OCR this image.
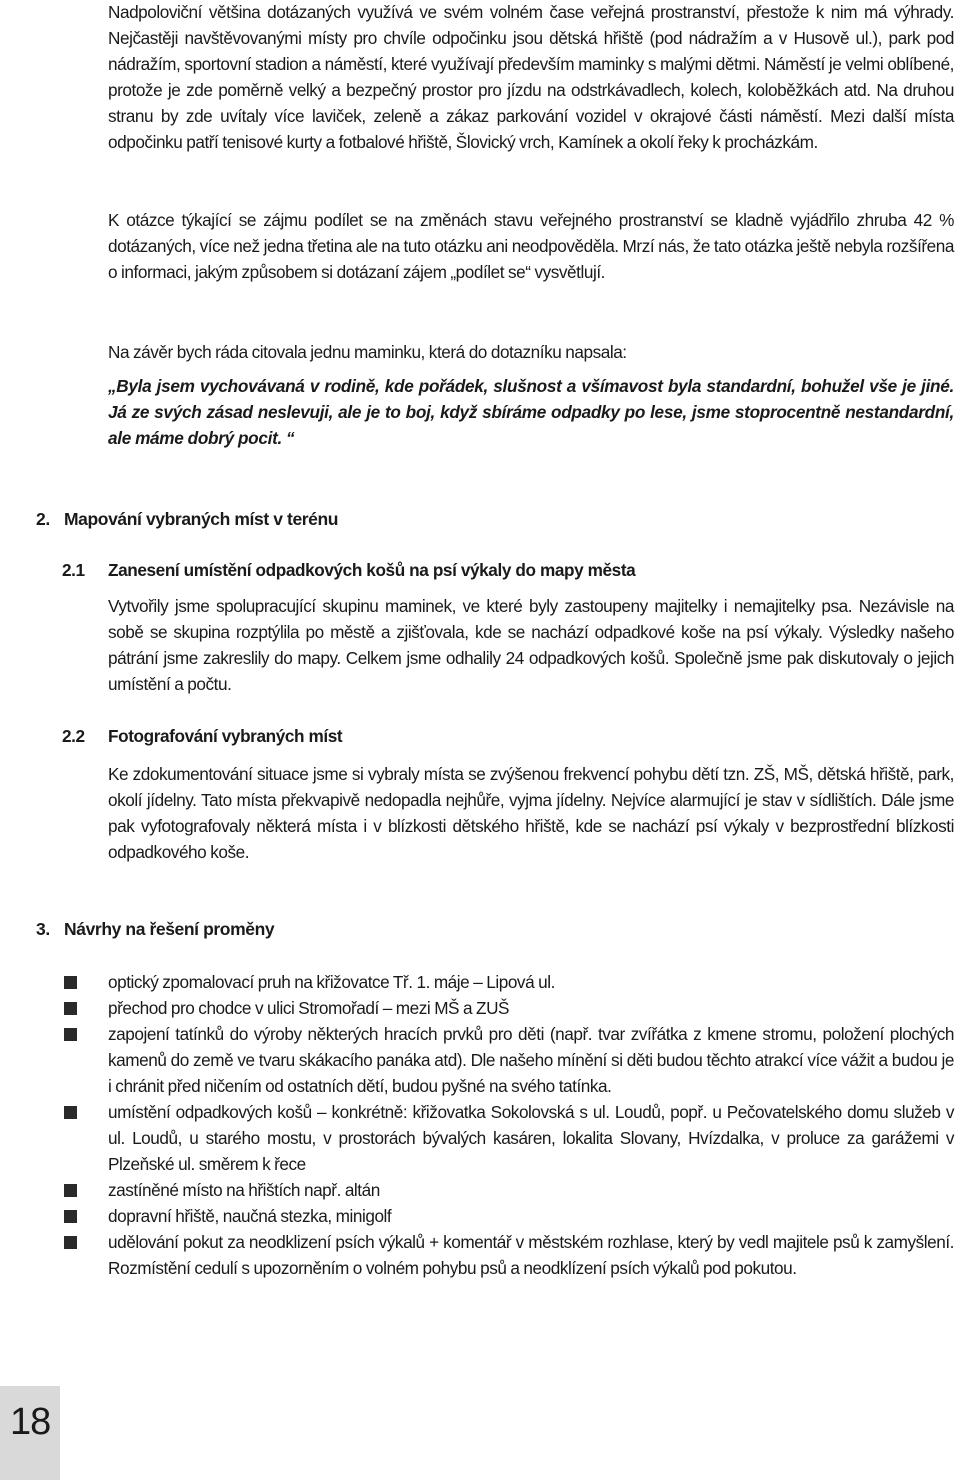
Nadpoloviční většina dotázaných využívá ve svém volném čase veřejná prostranství, přestože k nim má výhrady. Nejčastěji navštěvovanými místy pro chvíle odpočinku jsou dětská hřiště (pod nádražím a v Husově ul.), park pod nádražím, sportovní stadion a náměstí, které využívají především maminky s malými dětmi. Náměstí je velmi oblíbené, protože je zde poměrně velký a bezpečný prostor pro jízdu na odstrkávadlech, kolech, koloběžkách atd. Na druhou stranu by zde uvítaly více laviček, zeleně a zákaz parkování vozidel v okrajové části náměstí. Mezi další místa odpočinku patří tenisové kurty a fotbalové hřiště, Šlovický vrch, Kamínek a okolí řeky k procházkám.

K otázce týkající se zájmu podílet se na změnách stavu veřejného prostranství se kladně vyjádřilo zhruba 42 % dotázaných, více než jedna třetina ale na tuto otázku ani neodpověděla. Mrzí nás, že tato otázka ještě nebyla rozšířena o informaci, jakým způsobem si dotázaní zájem „podílet se“ vysvětlují.

Na závěr bych ráda citovala jednu maminku, která do dotazníku napsala:

„Byla jsem vychovávaná v rodině, kde pořádek, slušnost a všímavost byla standardní, bohužel vše je jiné. Já ze svých zásad neslevuji, ale je to boj, když sbíráme odpadky po lese, jsme stoprocentně nestandardní, ale máme dobrý pocit. “

2. Mapování vybraných míst v terénu
2.1 Zanesení umístění odpadkových košů na psí výkaly do mapy města

Vytvořily jsme spolupracující skupinu maminek, ve které byly zastoupeny majitelky i nemajitelky psa. Nezávisle na sobě se skupina rozptýlila po městě a zjišťovala, kde se nachází odpadkové koše na psí výkaly. Výsledky našeho pátrání jsme zakreslily do mapy. Celkem jsme odhalily 24 odpadkových košů. Společně jsme pak diskutovaly o jejich umístění a počtu.

2.2 Fotografování vybraných míst

Ke zdokumentování situace jsme si vybraly místa se zvýšenou frekvencí pohybu dětí tzn. ZŠ, MŠ, dětská hřiště, park, okolí jídelny. Tato místa překvapivě nedopadla nejhůře, vyjma jídelny. Nejvíce alarmující je stav v sídlištích. Dále jsme pak vyfotografovaly některá místa i v blízkosti dětského hřiště, kde se nachází psí výkaly v bezprostřední blízkosti odpadkového koše.

3. Návrhy na řešení proměny
optický zpomalovací pruh na křižovatce Tř. 1. máje – Lipová ul.
přechod pro chodce v ulici Stromořadí – mezi MŠ a ZUŠ
zapojení tatínků do výroby některých hracích prvků pro děti (např. tvar zvířátka z kmene stromu, položení plochých kamenů do země ve tvaru skákacího panáka atd). Dle našeho mínění si děti budou těchto atrakcí více vážit a budou je i chránit před ničením od ostatních dětí, budou pyšné na svého tatínka.
umístění odpadkových košů – konkrétně: křižovatka Sokolovská s ul. Loudů, popř. u Pečovatelského domu služeb v ul. Loudů, u starého mostu, v prostorách bývalých kasáren, lokalita Slovany, Hvízdalka, v proluce za garážemi v Plzeňské ul. směrem k řece
zastíněné místo na hřištích např. altán
dopravní hřiště, naučná stezka, minigolf
udělování pokut za neodklizení psích výkalů + komentář v městském rozhlase, který by vedl majitele psů k zamyšlení. Rozmístění cedulí s upozorněním o volném pohybu psů a neodklízení psích výkalů pod pokutou.
18
